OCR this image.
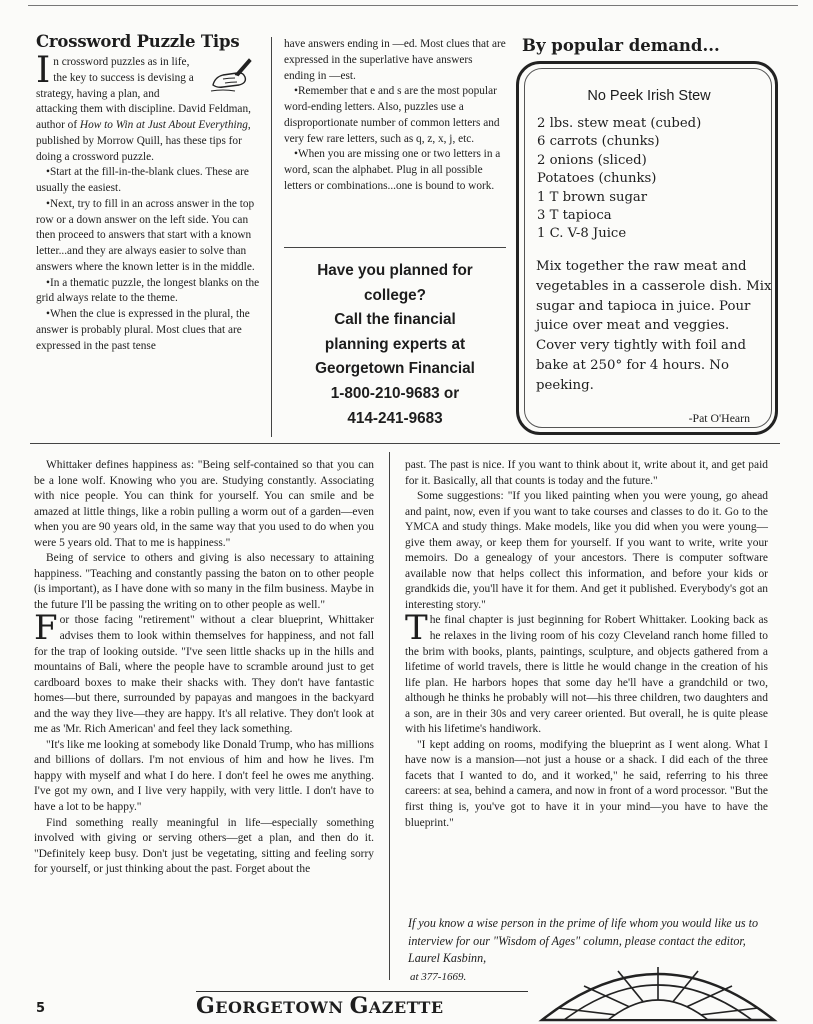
Crossword Puzzle Tips

In crossword puzzles as in life, the key to success is devising a strategy, having a plan, and attacking them with discipline. David Feldman, author of How to Win at Just About Everything, published by Morrow Quill, has these tips for doing a crossword puzzle.

•Start at the fill-in-the-blank clues. These are usually the easiest.

•Next, try to fill in an across answer in the top row or a down answer on the left side. You can then proceed to answers that start with a known letter...and they are always easier to solve than answers where the known letter is in the middle.

•In a thematic puzzle, the longest blanks on the grid always relate to the theme.

•When the clue is expressed in the plural, the answer is probably plural. Most clues that are expressed in the past tense

have answers ending in —ed. Most clues that are expressed in the superlative have answers ending in —est.

•Remember that e and s are the most popular word-ending letters. Also, puzzles use a disproportionate number of common letters and very few rare letters, such as q, z, x, j, etc.

•When you are missing one or two letters in a word, scan the alphabet. Plug in all possible letters or combinations...one is bound to work.

Have you planned for
college?
Call the financial
planning experts at
Georgetown Financial
1-800-210-9683 or
414-241-9683
By popular demand...
No Peek Irish Stew
2 lbs. stew meat (cubed)
6 carrots (chunks)
2 onions (sliced)
Potatoes (chunks)
1 T brown sugar
3 T tapioca
1 C. V-8 Juice
Mix together the raw meat and vegetables in a casserole dish. Mix sugar and tapioca in juice. Pour juice over meat and veggies. Cover very tightly with foil and bake at 250° for 4 hours. No peeking.
-Pat O'Hearn

Whittaker defines happiness as: "Being self-contained so that you can be a lone wolf. Knowing who you are. Studying constantly. Associating with nice people. You can think for yourself. You can smile and be amazed at little things, like a robin pulling a worm out of a garden—even when you are 90 years old, in the same way that you used to do when you were 5 years old. That to me is happiness."

Being of service to others and giving is also necessary to attaining happiness. "Teaching and constantly passing the baton on to other people (is important), as I have done with so many in the film business. Maybe in the future I'll be passing the writing on to other people as well."

For those facing "retirement" without a clear blueprint, Whittaker advises them to look within themselves for happiness, and not fall for the trap of looking outside. "I've seen little shacks up in the hills and mountains of Bali, where the people have to scramble around just to get cardboard boxes to make their shacks with. They don't have fantastic homes—but there, surrounded by papayas and mangoes in the backyard and the way they live—they are happy. It's all relative. They don't look at me as 'Mr. Rich American' and feel they lack something.

"It's like me looking at somebody like Donald Trump, who has millions and billions of dollars. I'm not envious of him and how he lives. I'm happy with myself and what I do here. I don't feel he owes me anything. I've got my own, and I live very happily, with very little. I don't have to have a lot to be happy."

Find something really meaningful in life—especially something involved with giving or serving others—get a plan, and then do it. "Definitely keep busy. Don't just be vegetating, sitting and feeling sorry for yourself, or just thinking about the past. Forget about the

past. The past is nice. If you want to think about it, write about it, and get paid for it. Basically, all that counts is today and the future."

Some suggestions: "If you liked painting when you were young, go ahead and paint, now, even if you want to take courses and classes to do it. Go to the YMCA and study things. Make models, like you did when you were young—give them away, or keep them for yourself. If you want to write, write your memoirs. Do a genealogy of your ancestors. There is computer software available now that helps collect this information, and before your kids or grandkids die, you'll have it for them. And get it published. Everybody's got an interesting story."

The final chapter is just beginning for Robert Whittaker. Looking back as he relaxes in the living room of his cozy Cleveland ranch home filled to the brim with books, plants, paintings, sculpture, and objects gathered from a lifetime of world travels, there is little he would change in the creation of his life plan. He harbors hopes that some day he'll have a grandchild or two, although he thinks he probably will not—his three children, two daughters and a son, are in their 30s and very career oriented. But overall, he is quite please with his lifetime's handiwork.

"I kept adding on rooms, modifying the blueprint as I went along. What I have now is a mansion—not just a house or a shack. I did each of the three facets that I wanted to do, and it worked," he said, referring to his three careers: at sea, behind a camera, and now in front of a word processor. "But the first thing is, you've got to have it in your mind—you have to have the blueprint."

If you know a wise person in the prime of life whom you would like us to interview for our "Wisdom of Ages" column, please contact the editor, Laurel Kasbinn,
at 377-1669.
5	GEORGETOWN GAZETTE
